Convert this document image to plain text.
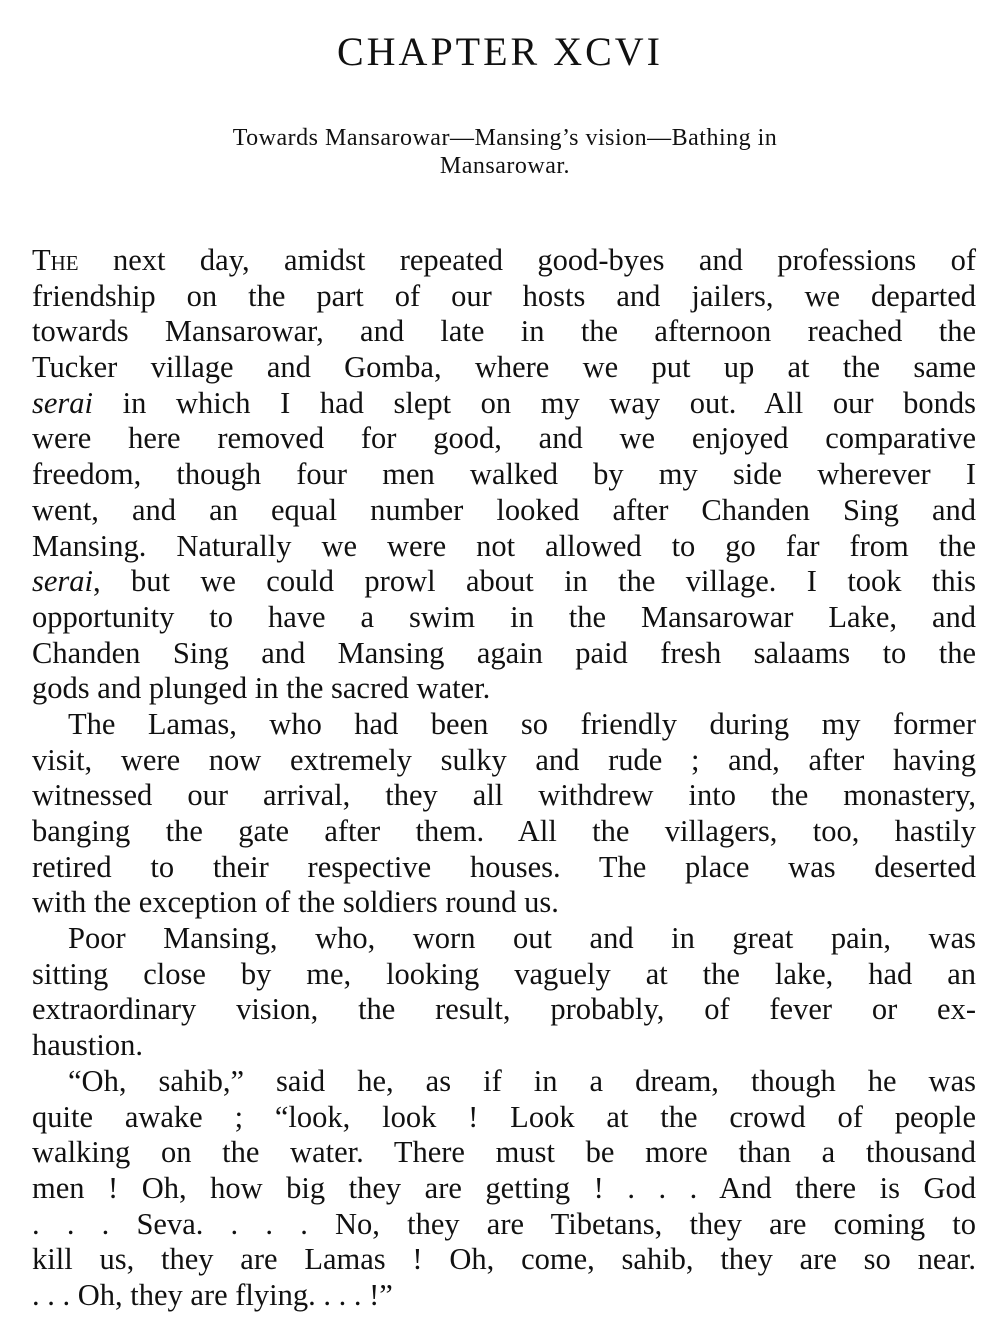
CHAPTER XCVI

Towards Mansarowar—Mansing’s vision—Bathing in
Mansarowar.

The next day, amidst repeated good-byes and professions of
friendship on the part of our hosts and jailers, we departed
towards Mansarowar, and late in the afternoon reached the
Tucker village and Gomba, where we put up at the same
serai in which I had slept on my way out. All our bonds
were here removed for good, and we enjoyed comparative
freedom, though four men walked by my side wherever I
went, and an equal number looked after Chanden Sing and
Mansing. Naturally we were not allowed to go far from the
serai, but we could prowl about in the village. I took this
opportunity to have a swim in the Mansarowar Lake, and
Chanden Sing and Mansing again paid fresh salaams to the
gods and plunged in the sacred water.
The Lamas, who had been so friendly during my former
visit, were now extremely sulky and rude ; and, after having
witnessed our arrival, they all withdrew into the monastery,
banging the gate after them. All the villagers, too, hastily
retired to their respective houses. The place was deserted
with the exception of the soldiers round us.
Poor Mansing, who, worn out and in great pain, was
sitting close by me, looking vaguely at the lake, had an
extraordinary vision, the result, probably, of fever or ex-
haustion.
“Oh, sahib,” said he, as if in a dream, though he was
quite awake ; “look, look ! Look at the crowd of people
walking on the water. There must be more than a thousand
men ! Oh, how big they are getting ! . . . And there is God
. . . Seva. . . . No, they are Tibetans, they are coming to
kill us, they are Lamas ! Oh, come, sahib, they are so near.
. . . Oh, they are flying. . . . !”
